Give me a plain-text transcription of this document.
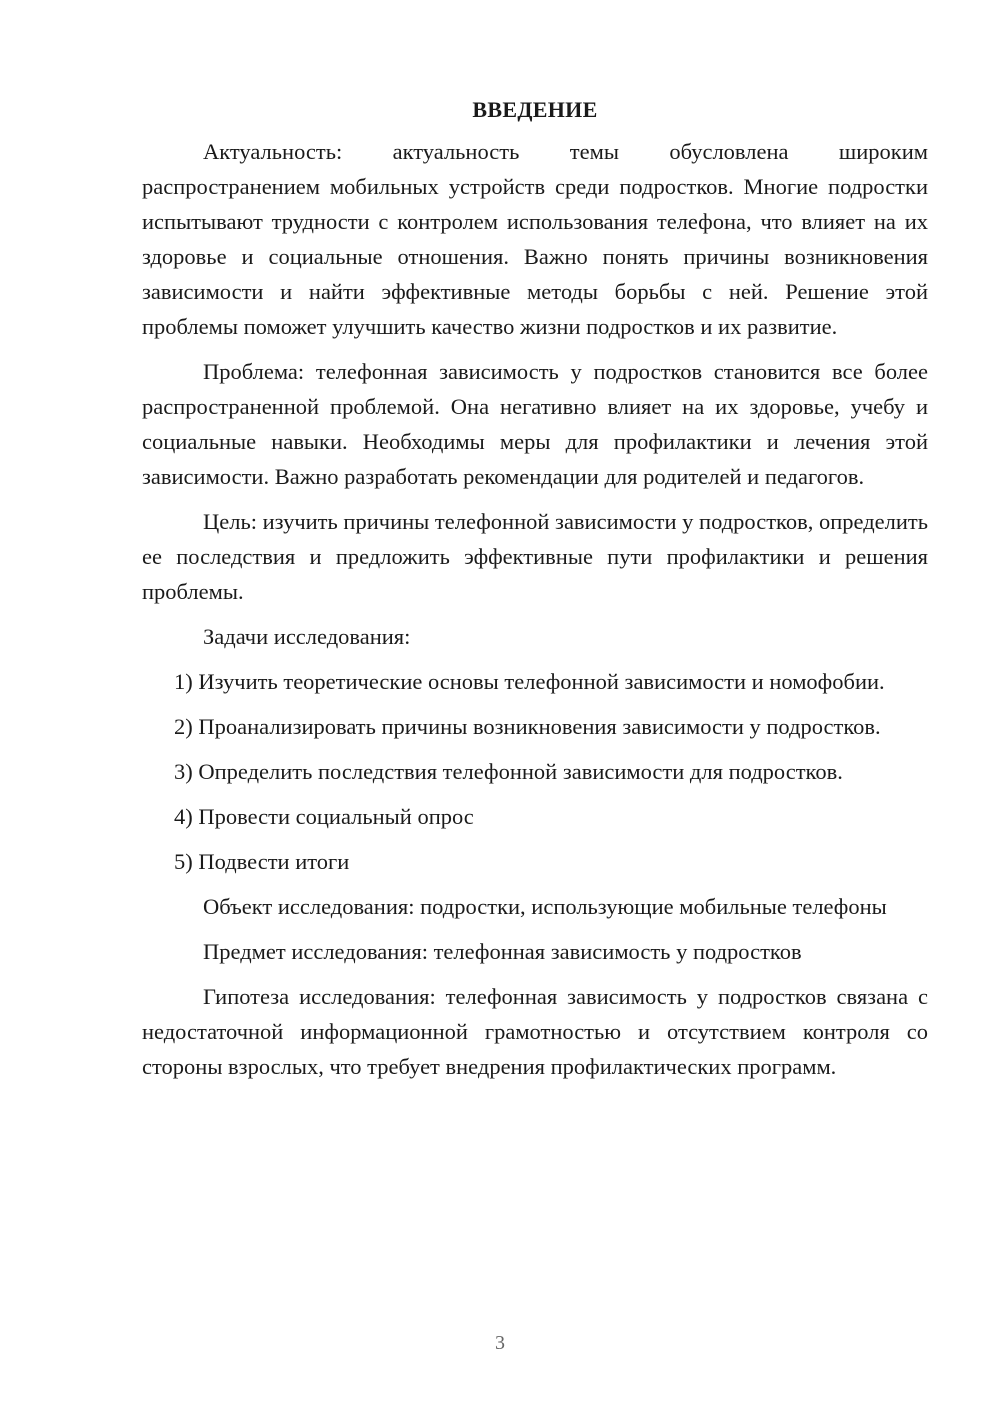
ВВЕДЕНИЕ

Актуальность: актуальность темы обусловлена широким распространением мобильных устройств среди подростков. Многие подростки испытывают трудности с контролем использования телефона, что влияет на их здоровье и социальные отношения. Важно понять причины возникновения зависимости и найти эффективные методы борьбы с ней. Решение этой проблемы поможет улучшить качество жизни подростков и их развитие.

Проблема: телефонная зависимость у подростков становится все более распространенной проблемой. Она негативно влияет на их здоровье, учебу и социальные навыки. Необходимы меры для профилактики и лечения этой зависимости. Важно разработать рекомендации для родителей и педагогов.

Цель: изучить причины телефонной зависимости у подростков, определить ее последствия и предложить эффективные пути профилактики и решения проблемы.

Задачи исследования:

1) Изучить теоретические основы телефонной зависимости и номофобии.

2) Проанализировать причины возникновения зависимости у подростков.

3) Определить последствия телефонной зависимости для подростков.

4) Провести социальный опрос

5) Подвести итоги

Объект исследования: подростки, использующие мобильные телефоны

Предмет исследования: телефонная зависимость у подростков

Гипотеза исследования: телефонная зависимость у подростков связана с недостаточной информационной грамотностью и отсутствием контроля со стороны взрослых, что требует внедрения профилактических программ.

3
